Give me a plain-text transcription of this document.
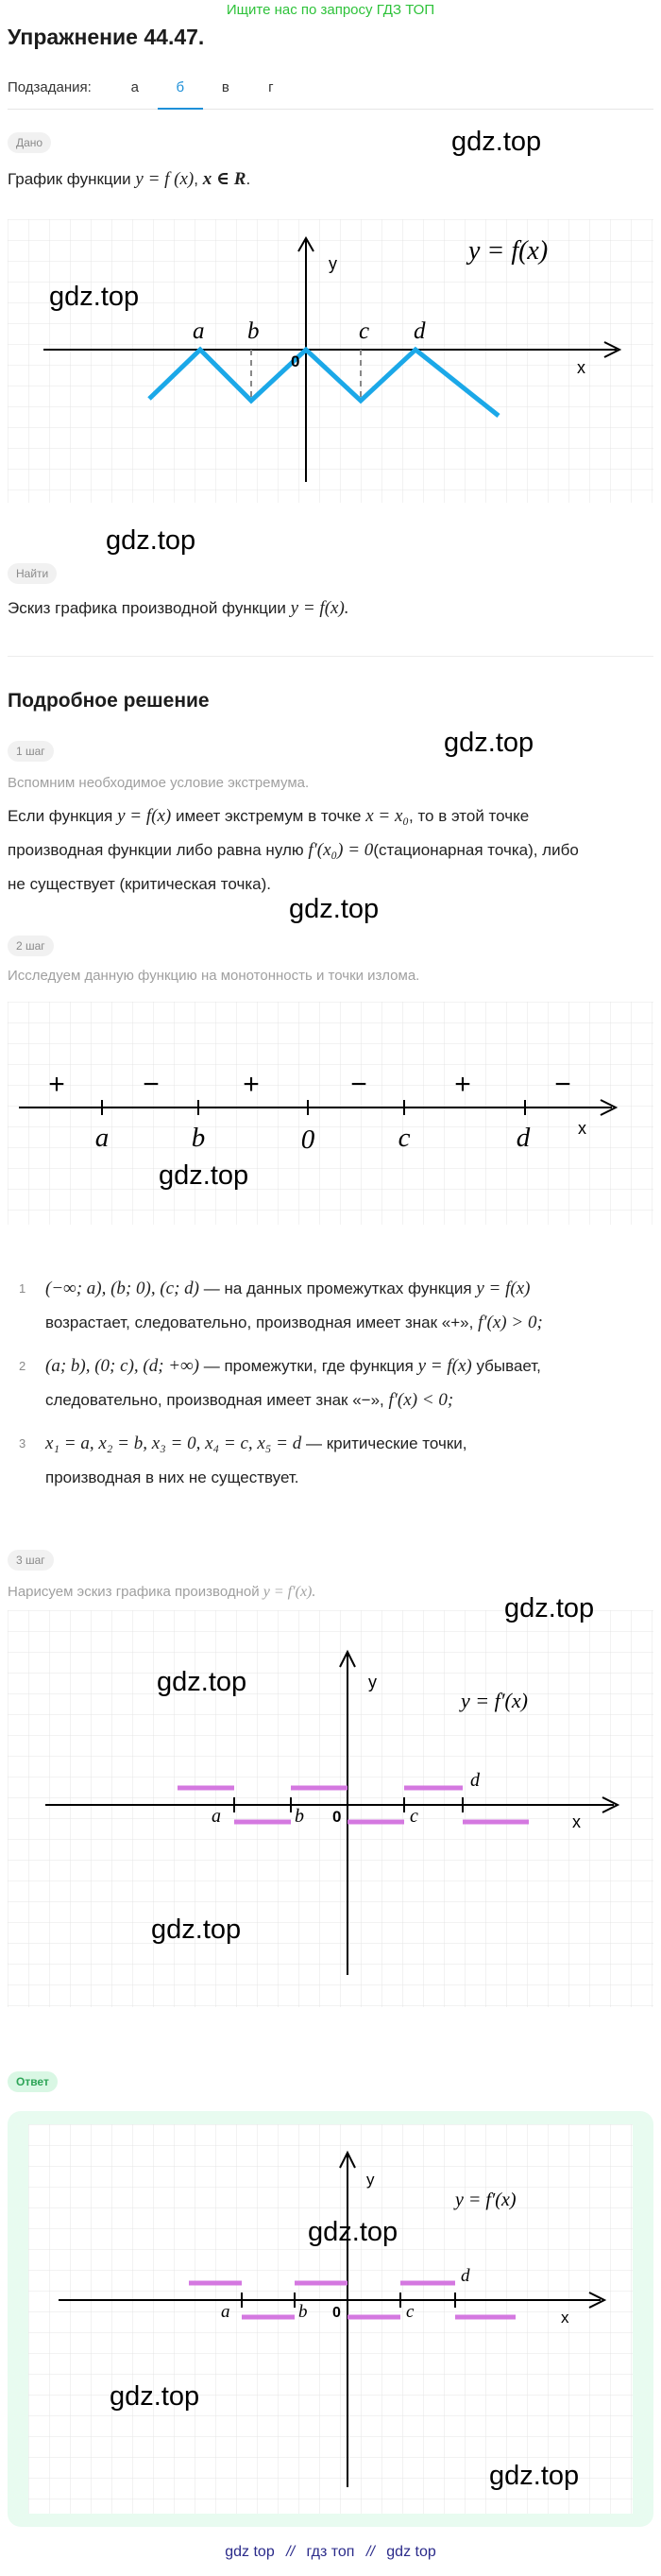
Ищите нас по запросу ГДЗ ТОП
Упражнение 44.47.
Подзадания:	а	б	в	г
Дано
График функции y = f (x), x ∈ R.
y = f(x)
y
x
0
a b	c d
Найти
Эскиз графика производной функции y = f(x).
Подробное решение
1 шаг
Вспомним необходимое условие экстремума.
Если функция y = f(x) имеет экстремум в точке x = x₀, то в этой точке
производная функции либо равна нулю f′(x₀) = 0(стационарная точка), либо
не существует (критическая точка).
2 шаг
Исследуем данную функцию на монотонность и точки излома.
+	−	+	−	+	−
a	b	0	c	d	x
1 (−∞; a), (b; 0), (c; d) — на данных промежутках функция y = f(x)
возрастает, следовательно, производная имеет знак «+», f′(x) > 0;
2 (a; b), (0; c), (d; +∞) — промежутки, где функция y = f(x) убывает,
следовательно, производная имеет знак «−», f′(x) < 0;
3 x₁ = a, x₂ = b, x₃ = 0, x₄ = c, x₅ = d — критические точки,
производная в них не существует.
3 шаг
Нарисуем эскиз графика производной y = f′(x).
y = f′(x)
y
x
0
a	b	c
d
Ответ
y = f′(x)
y
x
0
a	b	c
d
gdz.top
gdz.top
gdz.top
gdz.top
gdz.top
gdz.top
gdz.top
gdz.top
gdz.top
gdz.top
gdz.top
gdz.top
gdz top // гдз топ // gdz top
